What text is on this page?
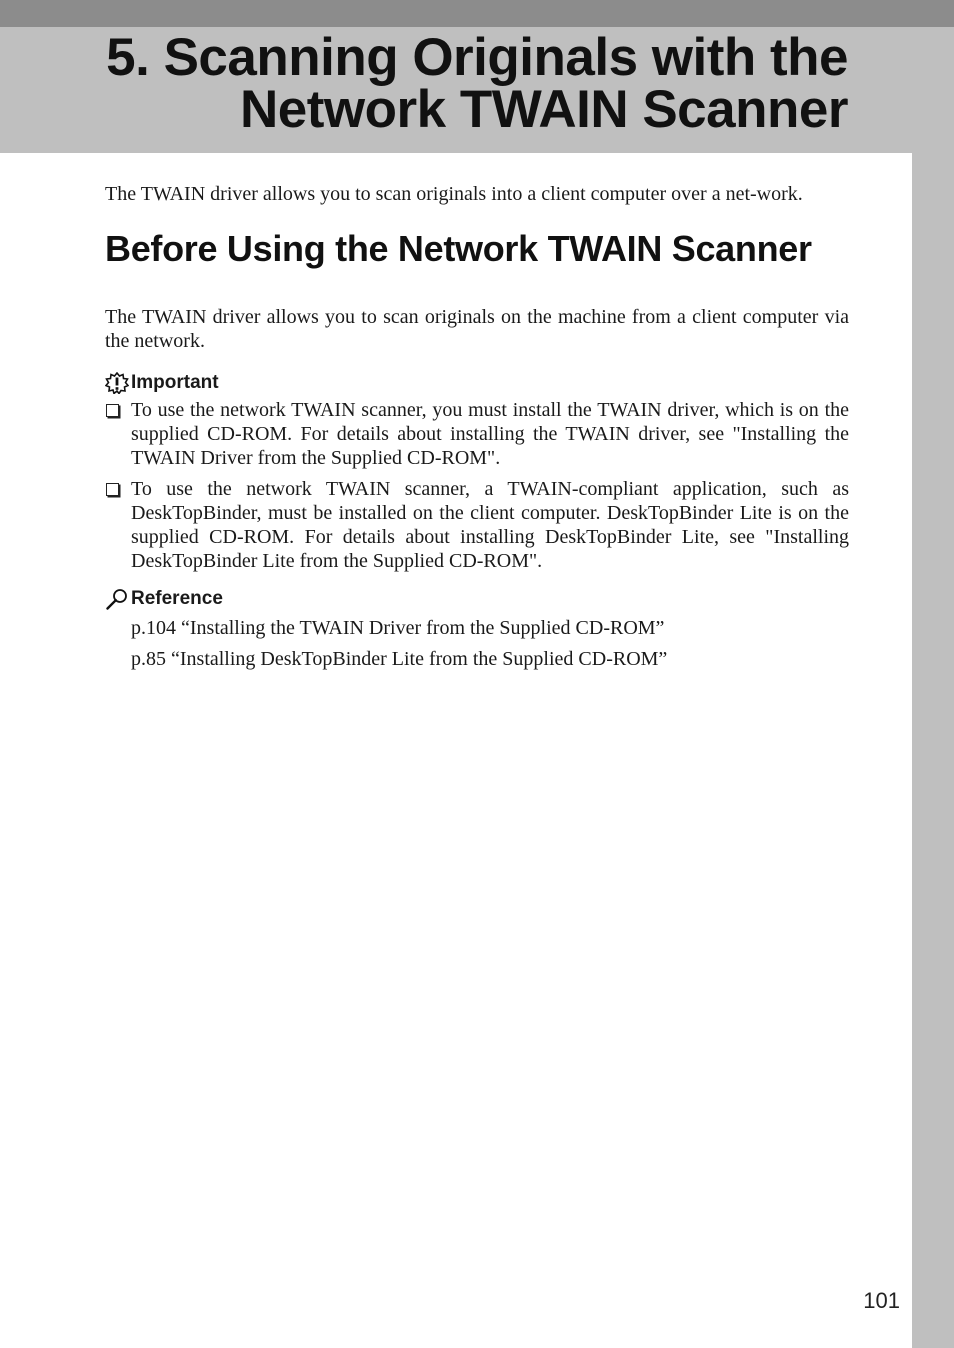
5. Scanning Originals with the
Network TWAIN Scanner

The TWAIN driver allows you to scan originals into a client computer over a net-work.

Before Using the Network TWAIN Scanner

The TWAIN driver allows you to scan originals on the machine from a client computer via the network.

Important
To use the network TWAIN scanner, you must install the TWAIN driver, which is on the supplied CD-ROM. For details about installing the TWAIN driver, see "Installing the TWAIN Driver from the Supplied CD-ROM".
To use the network TWAIN scanner, a TWAIN-compliant application, such as DeskTopBinder, must be installed on the client computer. DeskTopBinder Lite is on the supplied CD-ROM. For details about installing DeskTopBinder Lite, see "Installing DeskTopBinder Lite from the Supplied CD-ROM".
Reference
p.104 “Installing the TWAIN Driver from the Supplied CD-ROM”
p.85 “Installing DeskTopBinder Lite from the Supplied CD-ROM”
101
